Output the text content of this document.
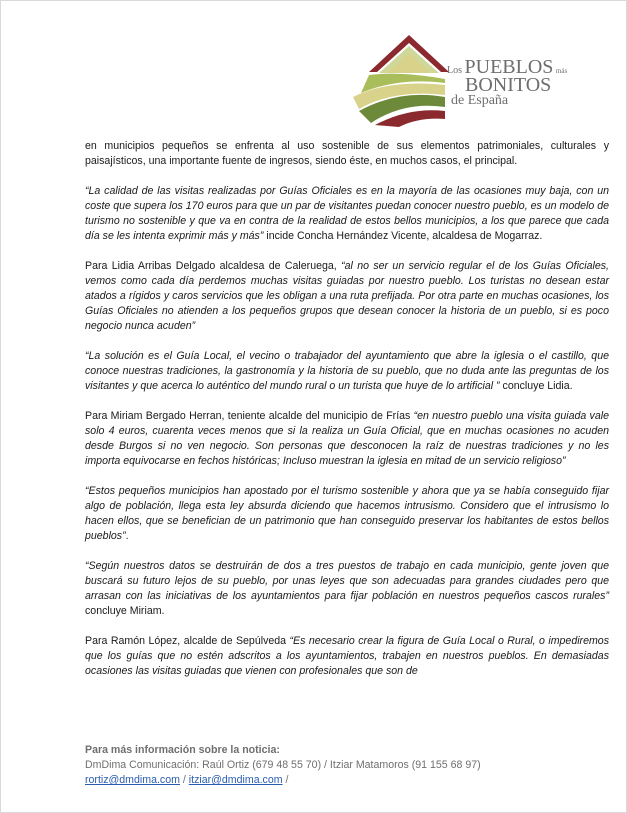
Los PUEBLOS más
BONITOS
de España

en municipios pequeños se enfrenta al uso sostenible de sus elementos patrimoniales, culturales y paisajísticos, una importante fuente de ingresos, siendo éste, en muchos casos, el principal.

“La calidad de las visitas realizadas por Guías Oficiales es en la mayoría de las ocasiones muy baja, con un coste que supera los 170 euros para que un par de visitantes puedan conocer nuestro pueblo, es un modelo de turismo no sostenible y que va en contra de la realidad de estos bellos municipios, a los que parece que cada día se les intenta exprimir más y más” incide Concha Hernández Vicente, alcaldesa de Mogarraz.

Para Lidia Arribas Delgado alcaldesa de Caleruega, “al no ser un servicio regular el de los Guías Oficiales, vemos como cada día perdemos muchas visitas guiadas por nuestro pueblo. Los turistas no desean estar atados a rígidos y caros servicios que les obligan a una ruta prefijada. Por otra parte en muchas ocasiones, los Guías Oficiales no atienden a los pequeños grupos que desean conocer la historia de un pueblo, si es poco negocio nunca acuden”

“La solución es el Guía Local, el vecino o trabajador del ayuntamiento que abre la iglesia o el castillo, que conoce nuestras tradiciones, la gastronomía y la historia de su pueblo, que no duda ante las preguntas de los visitantes y que acerca lo auténtico del mundo rural o un turista que huye de lo artificial ” concluye Lidia.

Para Miriam Bergado Herran, teniente alcalde del municipio de Frías “en nuestro pueblo una visita guiada vale solo 4 euros, cuarenta veces menos que si la realiza un Guía Oficial, que en muchas ocasiones no acuden desde Burgos si no ven negocio. Son personas que desconocen la raíz de nuestras tradiciones y no les importa equivocarse en fechos históricas; Incluso muestran la iglesia en mitad de un servicio religioso”

“Estos pequeños municipios han apostado por el turismo sostenible y ahora que ya se había conseguido fijar algo de población, llega esta ley absurda diciendo que hacemos intrusismo. Considero que el intrusismo lo hacen ellos, que se benefician de un patrimonio que han conseguido preservar los habitantes de estos bellos pueblos”.

“Según nuestros datos se destruirán de dos a tres puestos de trabajo en cada municipio, gente joven que buscará su futuro lejos de su pueblo, por unas leyes que son adecuadas para grandes ciudades pero que arrasan con las iniciativas de los ayuntamientos para fijar población en nuestros pequeños cascos rurales” concluye Miriam.

Para Ramón López, alcalde de Sepúlveda “Es necesario crear la figura de Guía Local o Rural, o impediremos que los guías que no estén adscritos a los ayuntamientos, trabajen en nuestros pueblos. En demasiadas ocasiones las visitas guiadas que vienen con profesionales que son de

Para más información sobre la noticia:
DmDima Comunicación: Raúl Ortiz (679 48 55 70) / Itziar Matamoros (91 155 68 97)
rortiz@dmdima.com / itziar@dmdima.com /
